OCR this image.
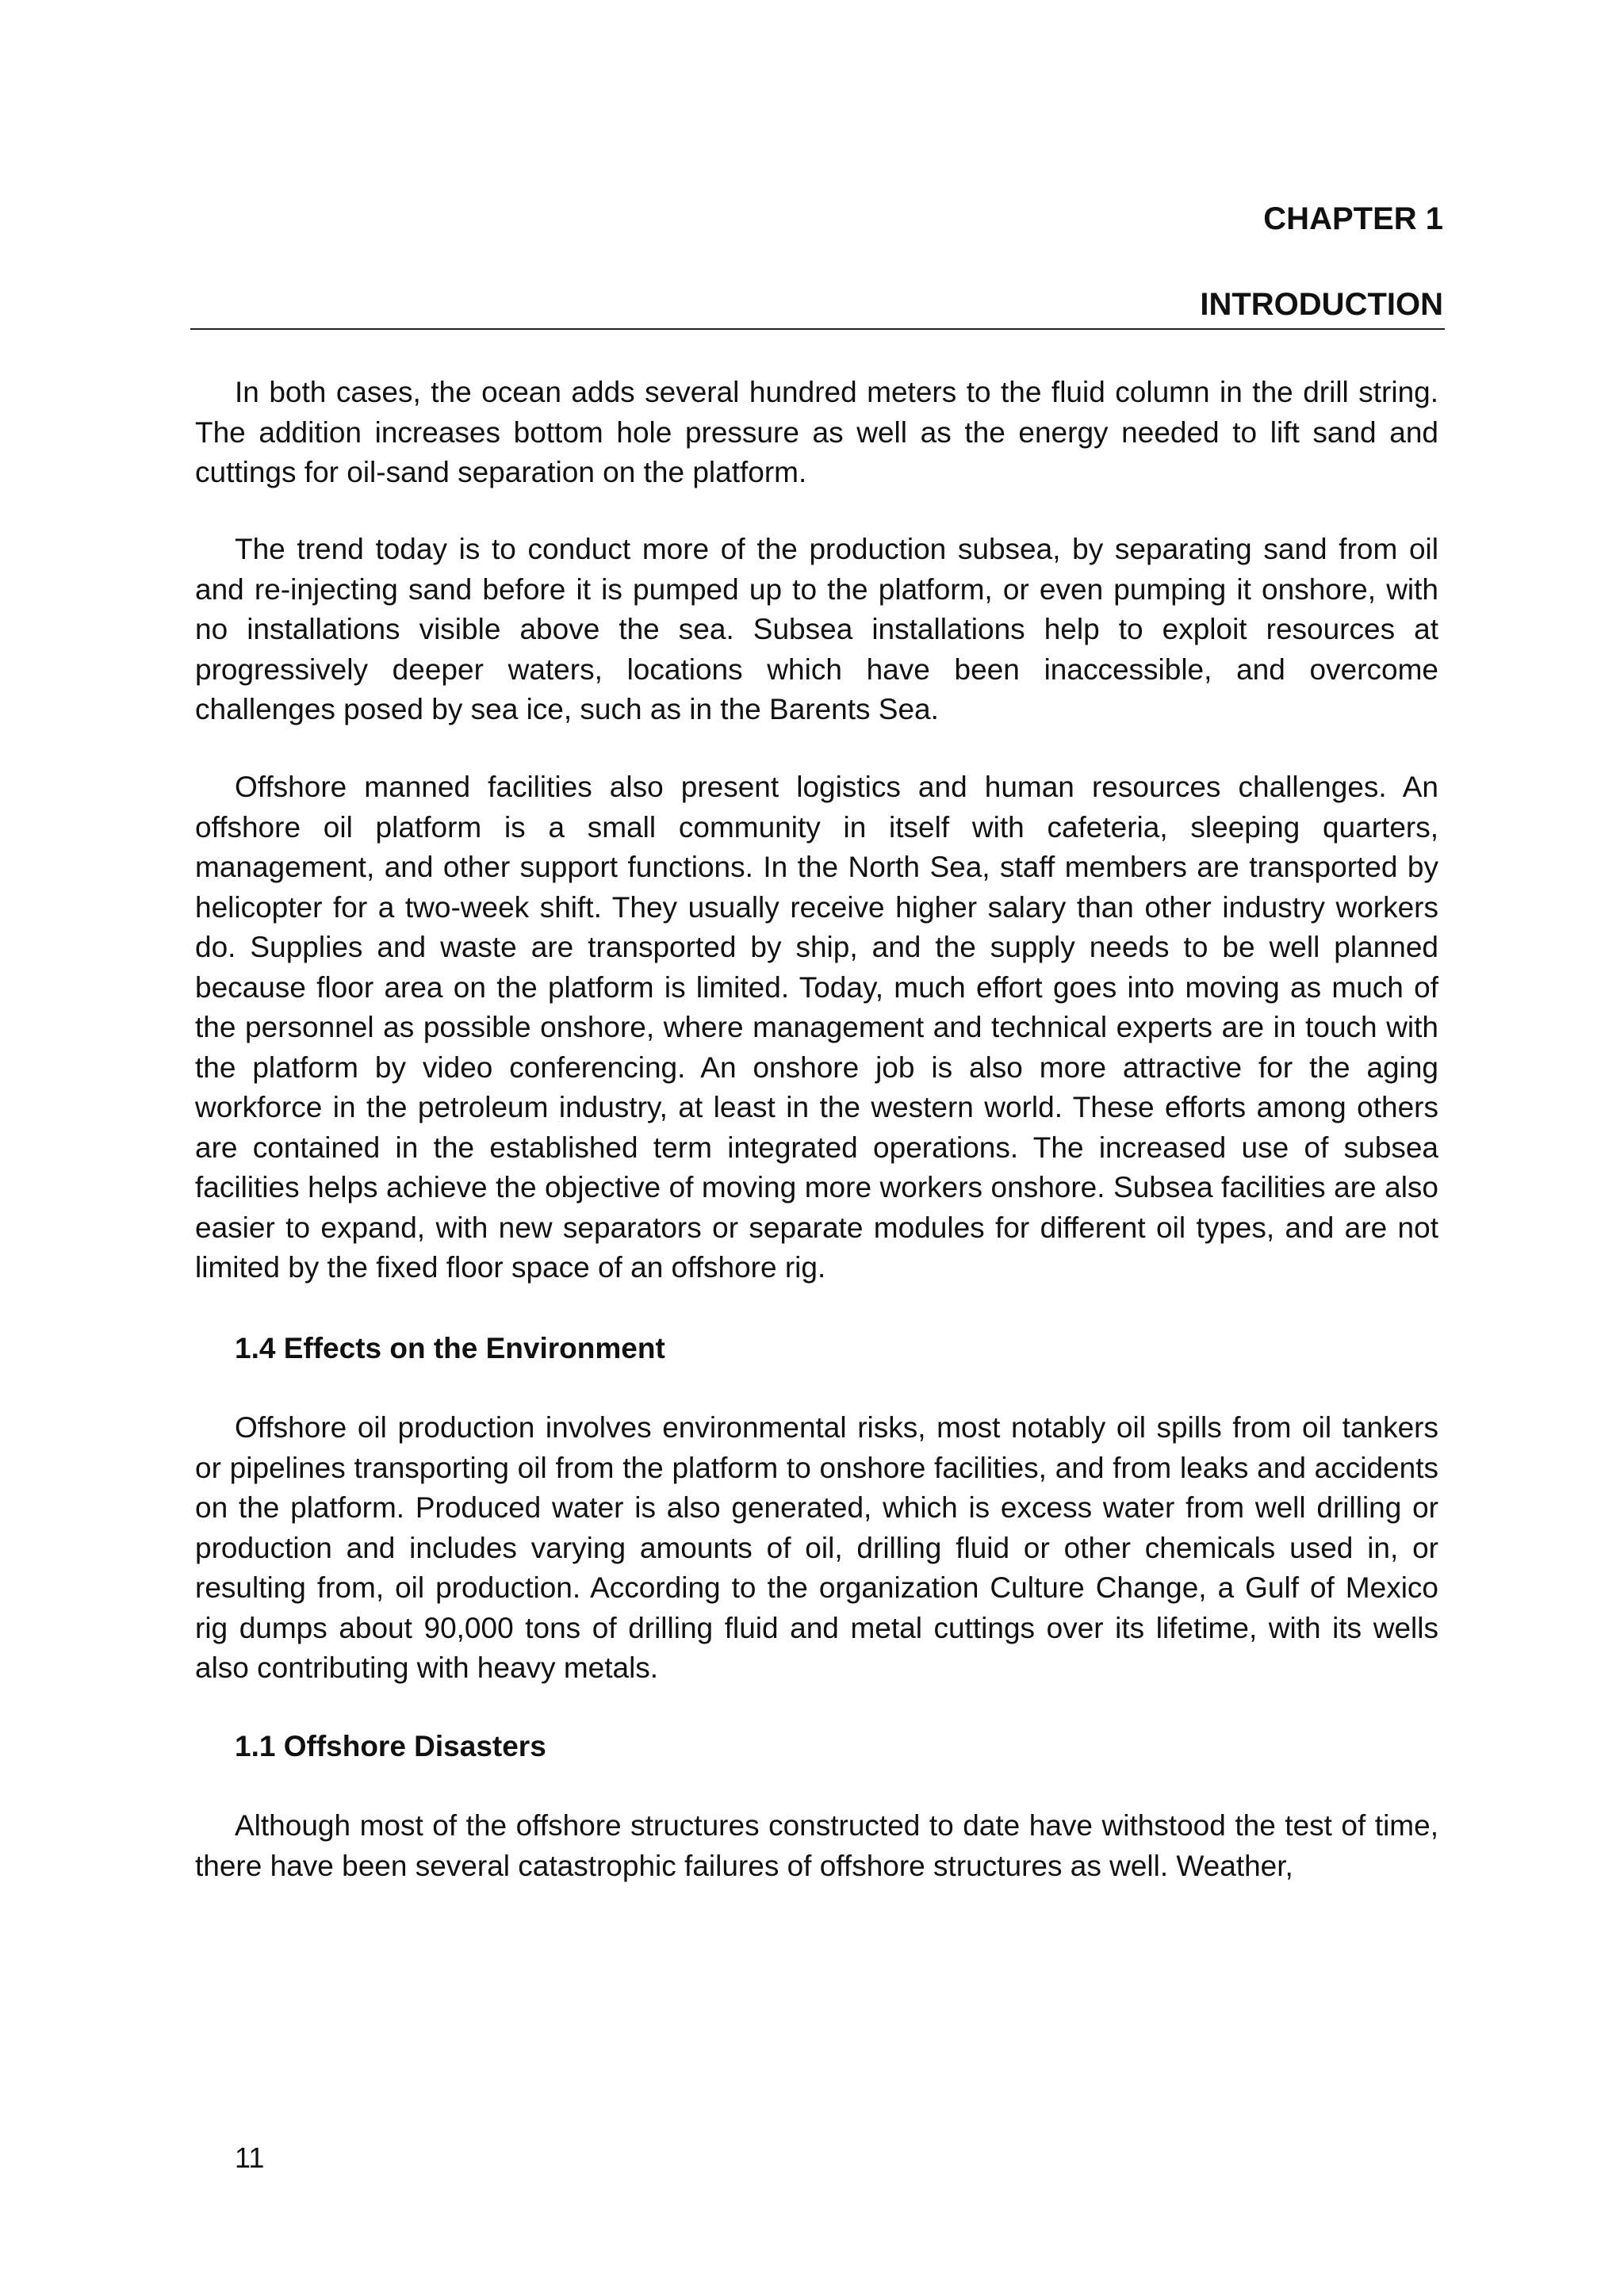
CHAPTER 1
INTRODUCTION

In both cases, the ocean adds several hundred meters to the fluid column in the drill string. The addition increases bottom hole pressure as well as the energy needed to lift sand and cuttings for oil-sand separation on the platform.

The trend today is to conduct more of the production subsea, by separating sand from oil and re-injecting sand before it is pumped up to the platform, or even pumping it onshore, with no installations visible above the sea. Subsea installations help to exploit resources at progressively deeper waters, locations which have been inaccessible, and overcome challenges posed by sea ice, such as in the Barents Sea.

Offshore manned facilities also present logistics and human resources challenges. An offshore oil platform is a small community in itself with cafeteria, sleeping quarters, management, and other support functions. In the North Sea, staff members are transported by helicopter for a two-week shift. They usually receive higher salary than other industry workers do. Supplies and waste are transported by ship, and the supply needs to be well planned because floor area on the platform is limited. Today, much effort goes into moving as much of the personnel as possible onshore, where management and technical experts are in touch with the platform by video conferencing. An onshore job is also more attractive for the aging workforce in the petroleum industry, at least in the western world. These efforts among others are contained in the established term integrated operations. The increased use of subsea facilities helps achieve the objective of moving more workers onshore. Subsea facilities are also easier to expand, with new separators or separate modules for different oil types, and are not limited by the fixed floor space of an offshore rig.

1.4 Effects on the Environment

Offshore oil production involves environmental risks, most notably oil spills from oil tankers or pipelines transporting oil from the platform to onshore facilities, and from leaks and accidents on the platform. Produced water is also generated, which is excess water from well drilling or production and includes varying amounts of oil, drilling fluid or other chemicals used in, or resulting from, oil production. According to the organization Culture Change, a Gulf of Mexico rig dumps about 90,000 tons of drilling fluid and metal cuttings over its lifetime, with its wells also contributing with heavy metals.

1.1 Offshore Disasters

Although most of the offshore structures constructed to date have withstood the test of time, there have been several catastrophic failures of offshore structures as well. Weather,

11
